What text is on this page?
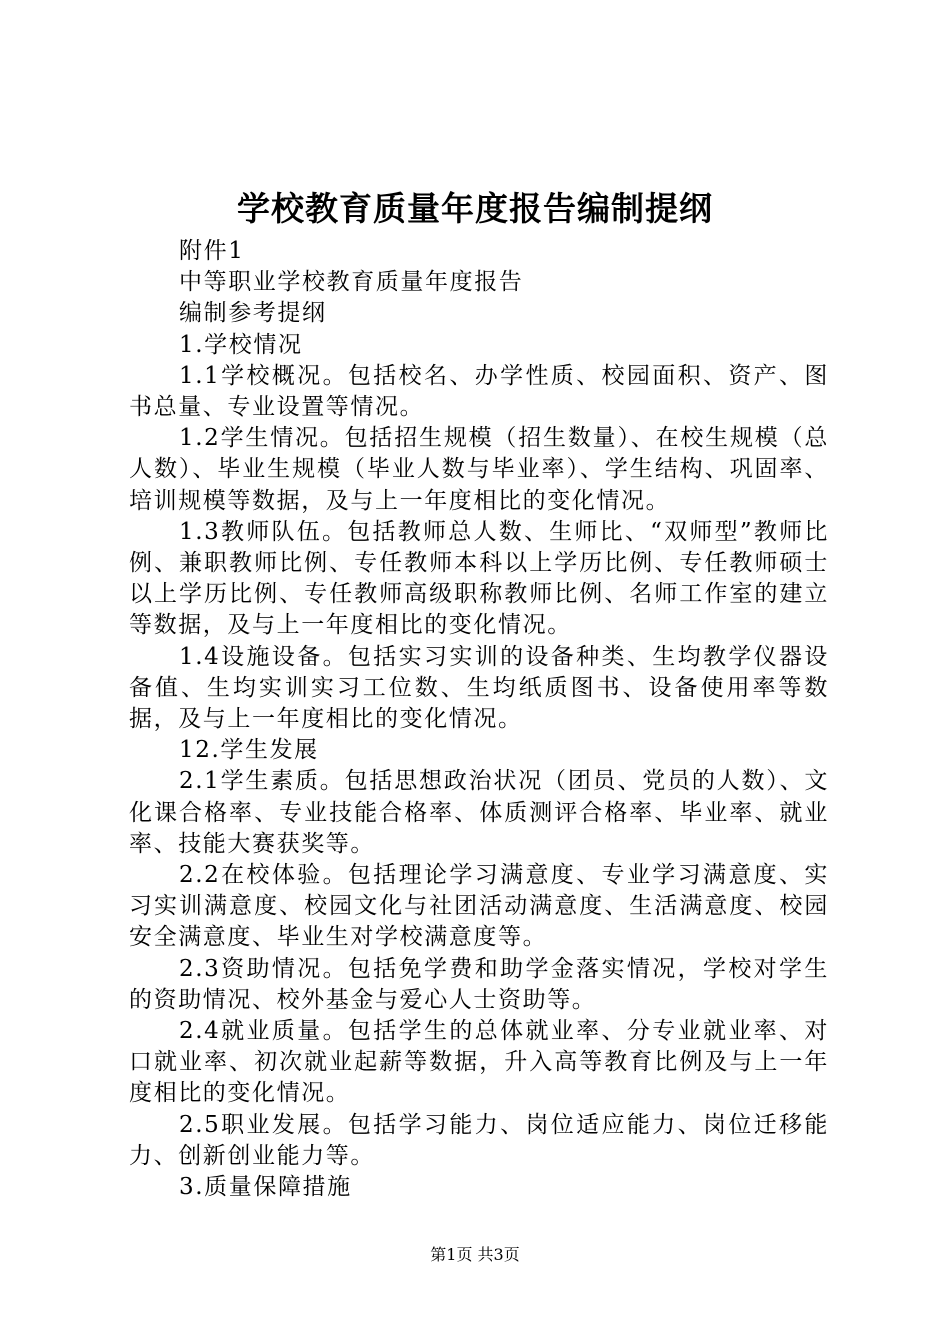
学校教育质量年度报告编制提纲

附件1

中等职业学校教育质量年度报告

编制参考提纲

1.学校情况

1.1学校概况。包括校名、办学性质、校园面积、资产、图书总量、专业设置等情况。

1.2学生情况。包括招生规模（招生数量）、在校生规模（总人数）、毕业生规模（毕业人数与毕业率）、学生结构、巩固率、培训规模等数据，及与上一年度相比的变化情况。

1.3教师队伍。包括教师总人数、生师比、“双师型”教师比例、兼职教师比例、专任教师本科以上学历比例、专任教师硕士以上学历比例、专任教师高级职称教师比例、名师工作室的建立等数据，及与上一年度相比的变化情况。

1.4设施设备。包括实习实训的设备种类、生均教学仪器设备值、生均实训实习工位数、生均纸质图书、设备使用率等数据，及与上一年度相比的变化情况。

12.学生发展

2.1学生素质。包括思想政治状况（团员、党员的人数）、文化课合格率、专业技能合格率、体质测评合格率、毕业率、就业率、技能大赛获奖等。

2.2在校体验。包括理论学习满意度、专业学习满意度、实习实训满意度、校园文化与社团活动满意度、生活满意度、校园安全满意度、毕业生对学校满意度等。

2.3资助情况。包括免学费和助学金落实情况，学校对学生的资助情况、校外基金与爱心人士资助等。

2.4就业质量。包括学生的总体就业率、分专业就业率、对口就业率、初次就业起薪等数据，升入高等教育比例及与上一年度相比的变化情况。

2.5职业发展。包括学习能力、岗位适应能力、岗位迁移能力、创新创业能力等。

3.质量保障措施

第1页 共3页
